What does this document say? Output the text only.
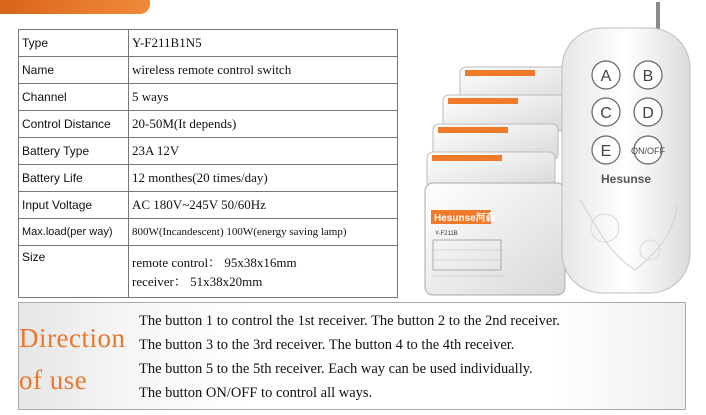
Type	Y-F211B1N5
Name	wireless remote control switch
Channel	5 ways
Control Distance	20-50M(It depends)
Battery Type	23A 12V
Battery Life	12 monthes(20 times/day)
Input Voltage	AC 180V~245V 50/60Hz
Max.load(per way)	800W(Incandescent) 100W(energy saving lamp)
Size	remote control： 95x38x16mm
receiver： 51x38x20mm
Hesunse河森
Y-F211B
A B
C D
E ON/OFF
Hesunse
Direction
of use
The button 1 to control the 1st receiver. The button 2 to the 2nd receiver.
The button 3 to the 3rd receiver. The button 4 to the 4th receiver.
The button 5 to the 5th receiver. Each way can be used individually.
The button ON/OFF to control all ways.
